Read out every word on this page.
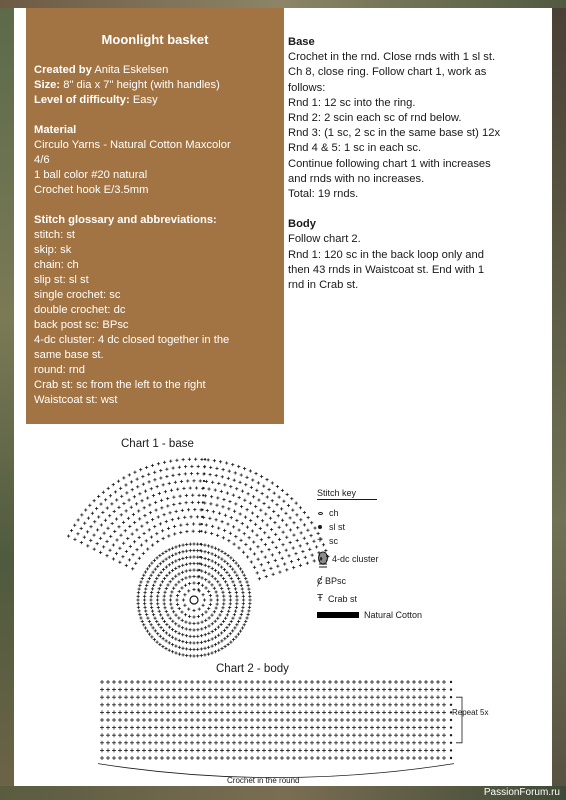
Moonlight basket
Created by Anita Eskelsen
Size: 8" dia x 7" height (with handles)
Level of difficulty: Easy
Material
Circulo Yarns - Natural Cotton Maxcolor
4/6
1 ball color #20 natural
Crochet hook E/3.5mm
Stitch glossary and abbreviations:
stitch: st
skip: sk
chain: ch
slip st: sl st
single crochet: sc
double crochet: dc
back post sc: BPsc
4-dc cluster: 4 dc closed together in the
same base st.
round: rnd
Crab st: sc from the left to the right
Waistcoat st: wst
Base
Crochet in the rnd. Close rnds with 1 sl st.
Ch 8, close ring. Follow chart 1, work as
follows:
Rnd 1: 12 sc into the ring.
Rnd 2: 2 scin each sc of rnd below.
Rnd 3: (1 sc, 2 sc in the same base st) 12x
Rnd 4 & 5: 1 sc in each sc.
Continue following chart 1 with increases
and rnds with no increases.
Total: 19 rnds.
Body
Follow chart 2.
Rnd 1: 120 sc in the back loop only and
then 43 rnds in Waistcoat st. End with 1
rnd in Crab st.
Chart 1 - base
Stitch key
ch
sl st
+ sc
4-dc cluster
ȼ BPsc
Ŧ Crab st
Natural Cotton
Chart 2 - body
Repeat 5x
Crochet in the round
PassionForum.ru
